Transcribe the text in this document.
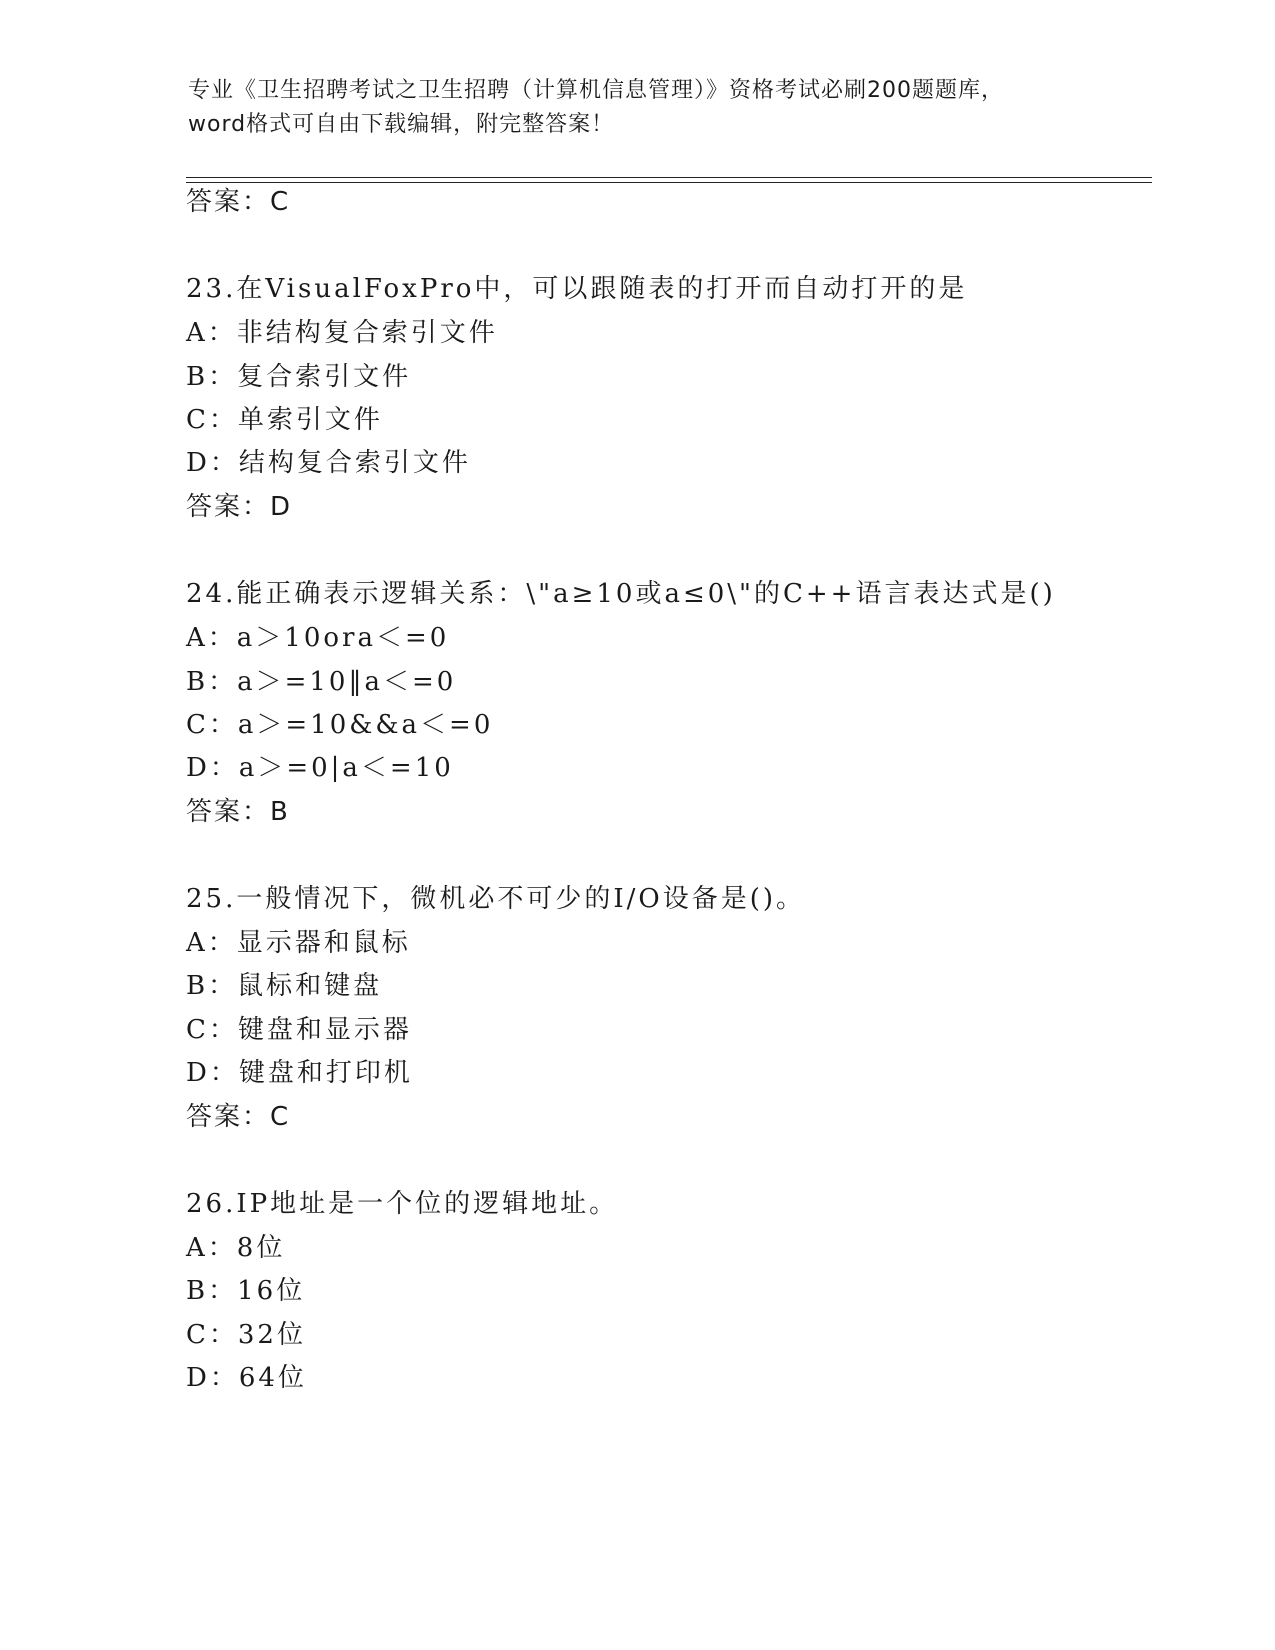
专业《卫生招聘考试之卫生招聘（计算机信息管理）》资格考试必刷200题题库，
word格式可自由下载编辑，附完整答案！
答案：C
23.在VisualFoxPro中，可以跟随表的打开而自动打开的是
A：非结构复合索引文件
B：复合索引文件
C：单索引文件
D：结构复合索引文件
答案：D
24.能正确表示逻辑关系：\"a≥10或a≤0\"的C++语言表达式是()
A：a＞10ora＜=0
B：a＞=10‖a＜=0
C：a＞=10&&a＜=0
D：a＞=0|a＜=10
答案：B
25.一般情况下，微机必不可少的I/O设备是()。
A：显示器和鼠标
B：鼠标和键盘
C：键盘和显示器
D：键盘和打印机
答案：C
26.IP地址是一个位的逻辑地址。
A：8位
B：16位
C：32位
D：64位
